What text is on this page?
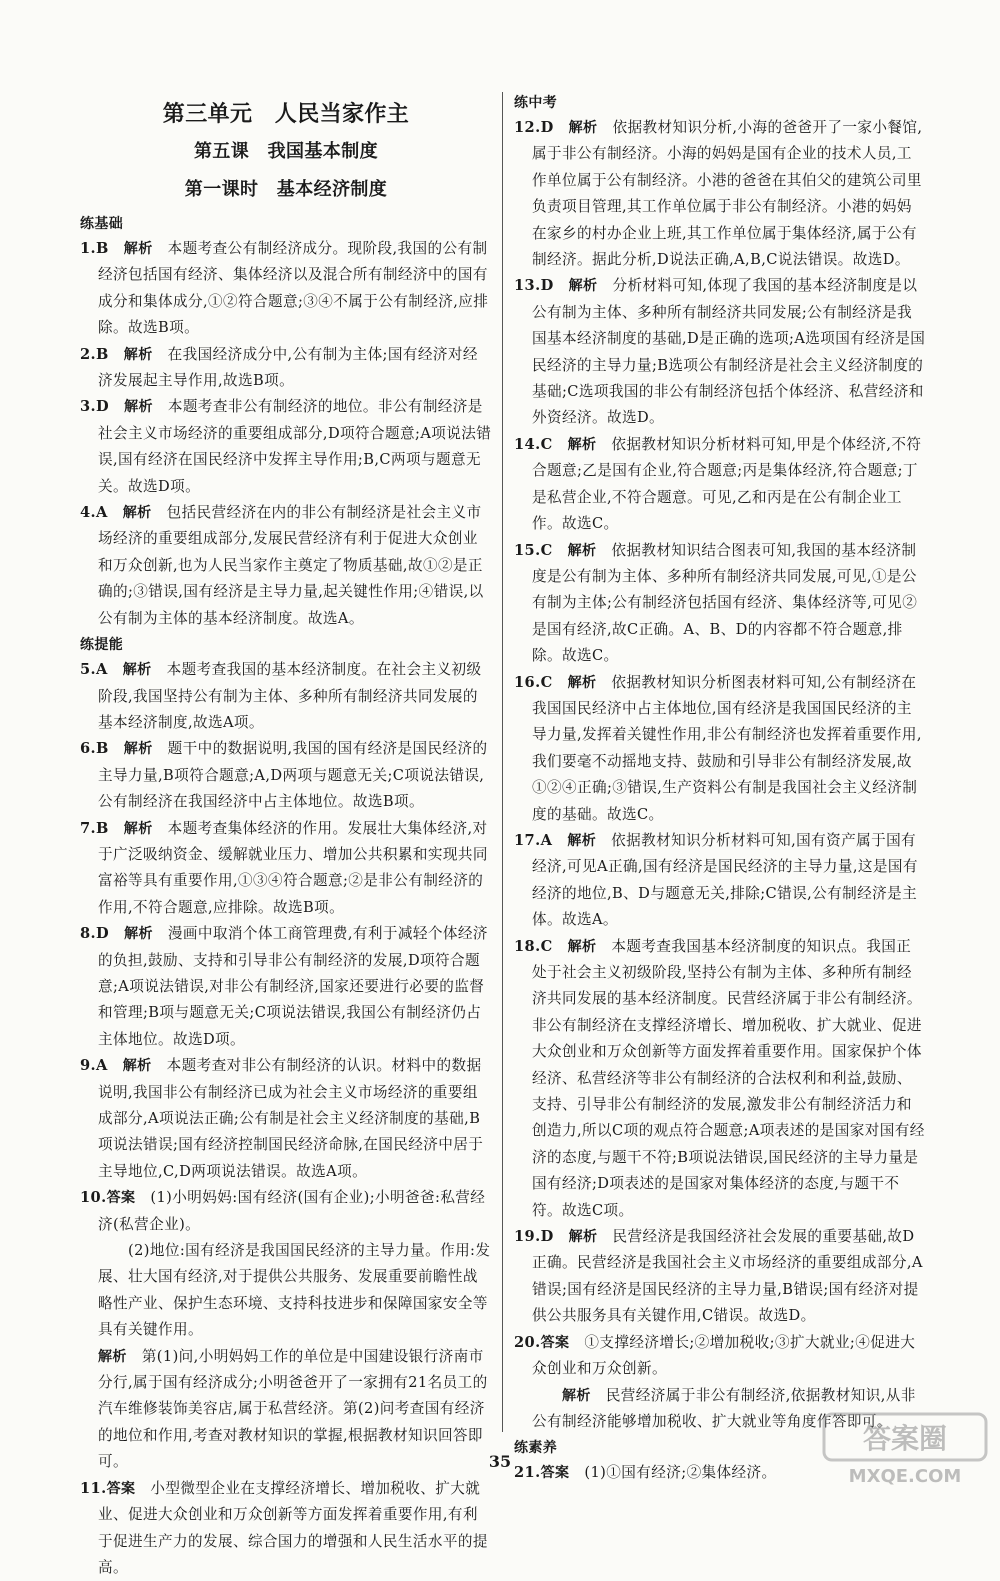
第三单元　人民当家作主

第五课　我国基本制度

第一课时　基本经济制度

练基础

1.B　 解析　 本题考查公有制经济成分。现阶段,我国的公有制经济包括国有经济、集体经济以及混合所有制经济中的国有成分和集体成分,①②符合题意;③④不属于公有制经济,应排除。故选B项。

2.B　 解析　 在我国经济成分中,公有制为主体;国有经济对经济发展起主导作用,故选B项。

3.D　 解析　 本题考查非公有制经济的地位。非公有制经济是社会主义市场经济的重要组成部分,D项符合题意;A项说法错误,国有经济在国民经济中发挥主导作用;B,C两项与题意无关。故选D项。

4.A　 解析　 包括民营经济在内的非公有制经济是社会主义市场经济的重要组成部分,发展民营经济有利于促进大众创业和万众创新,也为人民当家作主奠定了物质基础,故①②是正确的;③错误,国有经济是主导力量,起关键性作用;④错误,以公有制为主体的基本经济制度。故选A。

练提能

5.A　 解析　 本题考查我国的基本经济制度。在社会主义初级阶段,我国坚持公有制为主体、多种所有制经济共同发展的基本经济制度,故选A项。

6.B　 解析　 题干中的数据说明,我国的国有经济是国民经济的主导力量,B项符合题意;A,D两项与题意无关;C项说法错误,公有制经济在我国经济中占主体地位。故选B项。

7.B　 解析　 本题考查集体经济的作用。发展壮大集体经济,对于广泛吸纳资金、缓解就业压力、增加公共积累和实现共同富裕等具有重要作用,①③④符合题意;②是非公有制经济的作用,不符合题意,应排除。故选B项。

8.D　 解析　 漫画中取消个体工商管理费,有利于减轻个体经济的负担,鼓励、支持和引导非公有制经济的发展,D项符合题意;A项说法错误,对非公有制经济,国家还要进行必要的监督和管理;B项与题意无关;C项说法错误,我国公有制经济仍占主体地位。故选D项。

9.A　 解析　 本题考查对非公有制经济的认识。材料中的数据说明,我国非公有制经济已成为社会主义市场经济的重要组成部分,A项说法正确;公有制是社会主义经济制度的基础,B项说法错误;国有经济控制国民经济命脉,在国民经济中居于主导地位,C,D两项说法错误。故选A项。

10.答案　 (1)小明妈妈:国有经济(国有企业);小明爸爸:私营经济(私营企业)。

(2)地位:国有经济是我国国民经济的主导力量。作用:发展、壮大国有经济,对于提供公共服务、发展重要前瞻性战略性产业、保护生态环境、支持科技进步和保障国家安全等具有关键作用。

解析　 第(1)问,小明妈妈工作的单位是中国建设银行济南市分行,属于国有经济成分;小明爸爸开了一家拥有21名员工的汽车维修装饰美容店,属于私营经济。第(2)问考查国有经济的地位和作用,考查对教材知识的掌握,根据教材知识回答即可。

11.答案　 小型微型企业在支撑经济增长、增加税收、扩大就业、促进大众创业和万众创新等方面发挥着重要作用,有利于促进生产力的发展、综合国力的增强和人民生活水平的提高。

练中考

12.D　 解析　 依据教材知识分析,小海的爸爸开了一家小餐馆,属于非公有制经济。小海的妈妈是国有企业的技术人员,工作单位属于公有制经济。小港的爸爸在其伯父的建筑公司里负责项目管理,其工作单位属于非公有制经济。小港的妈妈在家乡的村办企业上班,其工作单位属于集体经济,属于公有制经济。据此分析,D说法正确,A,B,C说法错误。故选D。

13.D　 解析　 分析材料可知,体现了我国的基本经济制度是以公有制为主体、多种所有制经济共同发展;公有制经济是我国基本经济制度的基础,D是正确的选项;A选项国有经济是国民经济的主导力量;B选项公有制经济是社会主义经济制度的基础;C选项我国的非公有制经济包括个体经济、私营经济和外资经济。故选D。

14.C　 解析　 依据教材知识分析材料可知,甲是个体经济,不符合题意;乙是国有企业,符合题意;丙是集体经济,符合题意;丁是私营企业,不符合题意。可见,乙和丙是在公有制企业工作。故选C。

15.C　 解析　 依据教材知识结合图表可知,我国的基本经济制度是公有制为主体、多种所有制经济共同发展,可见,①是公有制为主体;公有制经济包括国有经济、集体经济等,可见②是国有经济,故C正确。A、B、D的内容都不符合题意,排除。故选C。

16.C　 解析　 依据教材知识分析图表材料可知,公有制经济在我国国民经济中占主体地位,国有经济是我国国民经济的主导力量,发挥着关键性作用,非公有制经济也发挥着重要作用,我们要毫不动摇地支持、鼓励和引导非公有制经济发展,故①②④正确;③错误,生产资料公有制是我国社会主义经济制度的基础。故选C。

17.A　 解析　 依据教材知识分析材料可知,国有资产属于国有经济,可见A正确,国有经济是国民经济的主导力量,这是国有经济的地位,B、D与题意无关,排除;C错误,公有制经济是主体。故选A。

18.C　 解析　 本题考查我国基本经济制度的知识点。我国正处于社会主义初级阶段,坚持公有制为主体、多种所有制经济共同发展的基本经济制度。民营经济属于非公有制经济。非公有制经济在支撑经济增长、增加税收、扩大就业、促进大众创业和万众创新等方面发挥着重要作用。国家保护个体经济、私营经济等非公有制经济的合法权利和利益,鼓励、支持、引导非公有制经济的发展,激发非公有制经济活力和创造力,所以C项的观点符合题意;A项表述的是国家对国有经济的态度,与题干不符;B项说法错误,国民经济的主导力量是国有经济;D项表述的是国家对集体经济的态度,与题干不符。故选C项。

19.D　 解析　 民营经济是我国经济社会发展的重要基础,故D正确。民营经济是我国社会主义市场经济的重要组成部分,A错误;国有经济是国民经济的主导力量,B错误;国有经济对提供公共服务具有关键作用,C错误。故选D。

20.答案　 ①支撑经济增长;②增加税收;③扩大就业;④促进大众创业和万众创新。

解析　 民营经济属于非公有制经济,依据教材知识,从非公有制经济能够增加税收、扩大就业等角度作答即可。

练素养

21.答案　 (1)①国有经济;②集体经济。

35
答案圈
MXQE.COM
